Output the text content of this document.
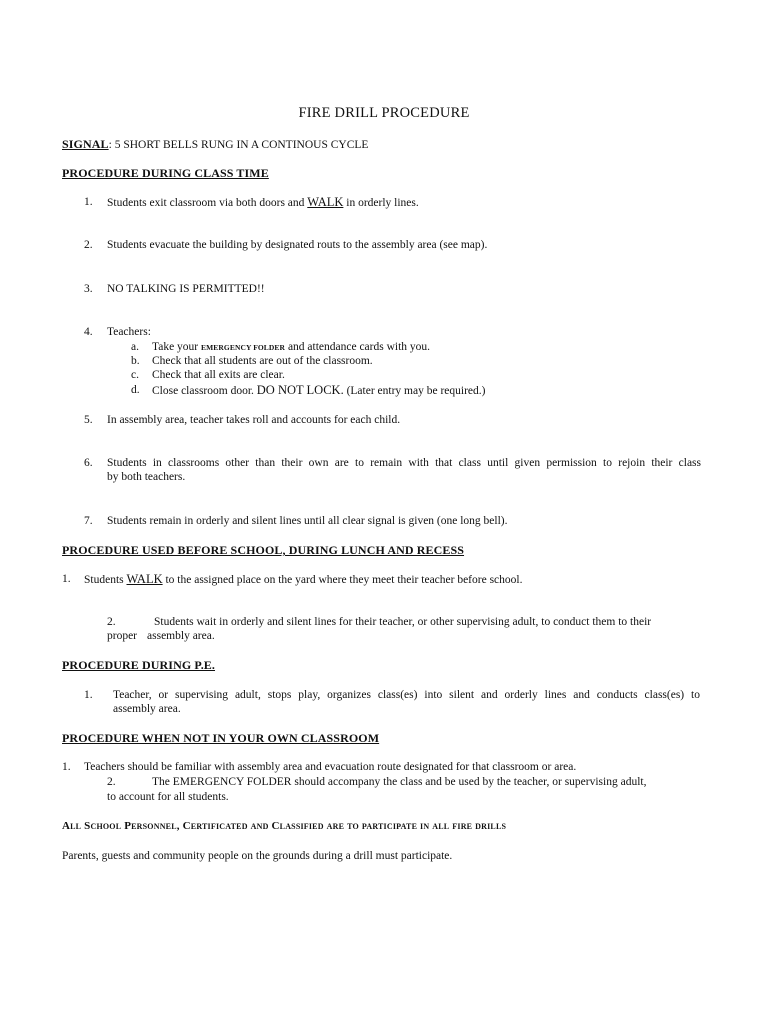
FIRE DRILL PROCEDURE
SIGNAL: 5 SHORT BELLS RUNG IN A CONTINOUS CYCLE
PROCEDURE DURING CLASS TIME
1. Students exit classroom via both doors and WALK in orderly lines.
2. Students evacuate the building by designated routs to the assembly area (see map).
3. NO TALKING IS PERMITTED!!
4. Teachers:
a. Take your EMERGENCY FOLDER and attendance cards with you.
b. Check that all students are out of the classroom.
c. Check that all exits are clear.
d. Close classroom door. DO NOT LOCK. (Later entry may be required.)
5. In assembly area, teacher takes roll and accounts for each child.
6. Students in classrooms other than their own are to remain with that class until given permission to rejoin their class
by both teachers.
7. Students remain in orderly and silent lines until all clear signal is given (one long bell).
PROCEDURE USED BEFORE SCHOOL, DURING LUNCH AND RECESS
1. Students WALK to the assigned place on the yard where they meet their teacher before school.
2.	Students wait in orderly and silent lines for their teacher, or other supervising adult, to conduct them to their
proper assembly area.
PROCEDURE DURING P.E.
1. Teacher, or supervising adult, stops play, organizes class(es) into silent and orderly lines and conducts class(es) to
assembly area.
PROCEDURE WHEN NOT IN YOUR OWN CLASSROOM
1. Teachers should be familiar with assembly area and evacuation route designated for that classroom or area.
2.	The EMERGENCY FOLDER should accompany the class and be used by the teacher, or supervising adult,
to account for all students.
All School Personnel, Certificated and Classified are to participate in all fire drills
Parents, guests and community people on the grounds during a drill must participate.
